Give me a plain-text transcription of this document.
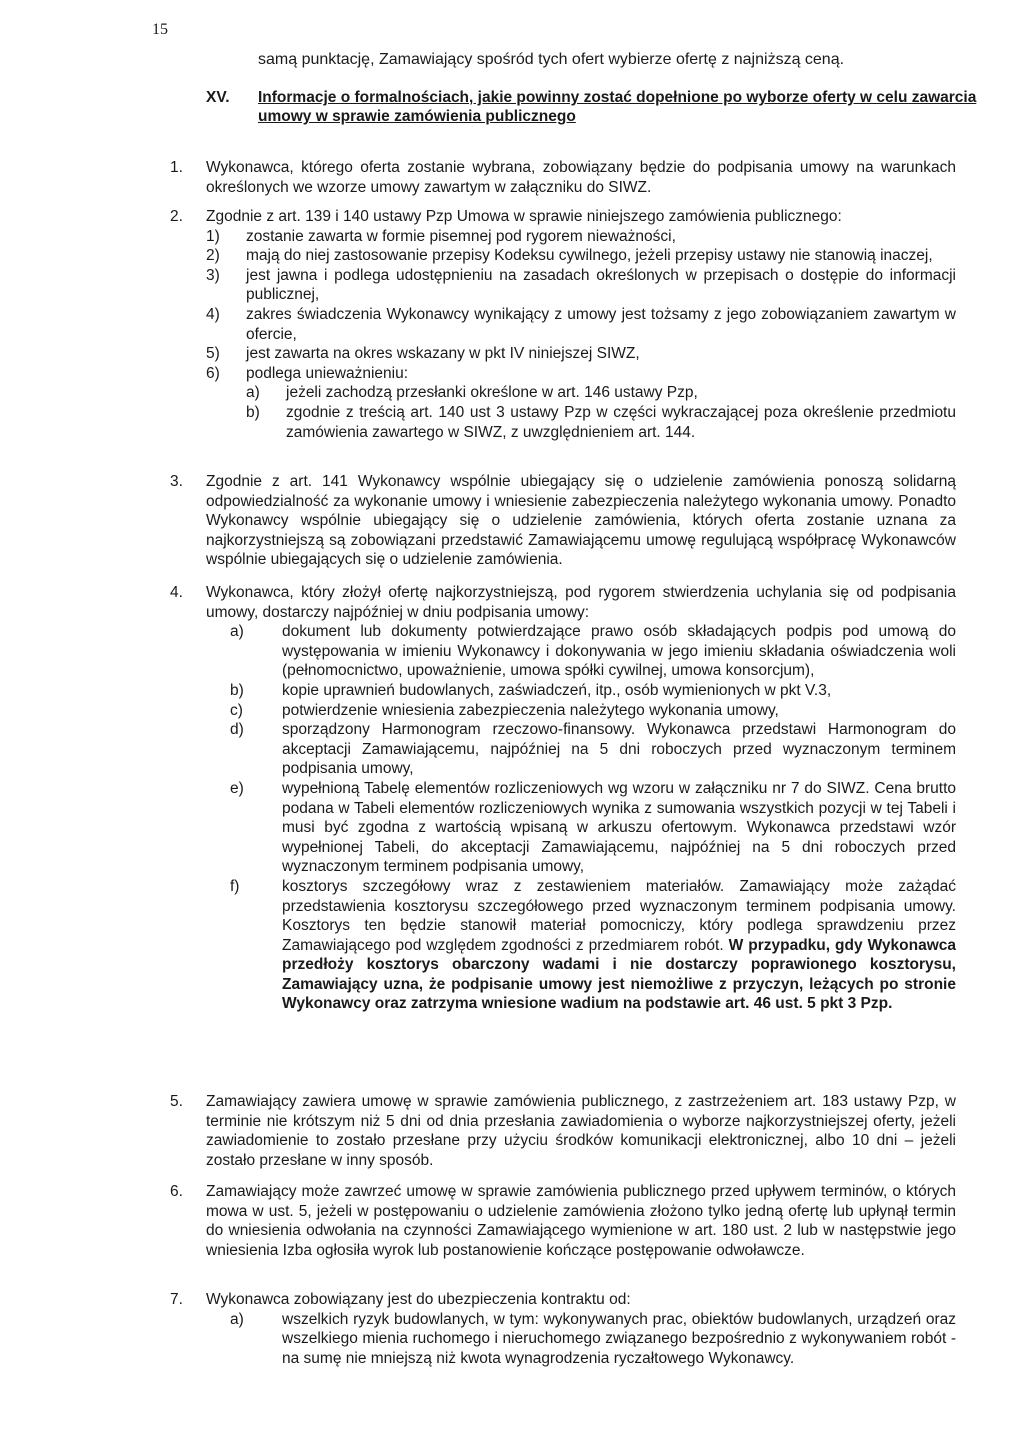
15
samą punktację, Zamawiający spośród tych ofert wybierze ofertę z najniższą ceną.
XV. Informacje o formalnościach, jakie powinny zostać dopełnione po wyborze oferty w celu zawarcia umowy w sprawie zamówienia publicznego
1. Wykonawca, którego oferta zostanie wybrana, zobowiązany będzie do podpisania umowy na warunkach określonych we wzorze umowy zawartym w załączniku do SIWZ.
2. Zgodnie z art. 139 i 140 ustawy Pzp Umowa w sprawie niniejszego zamówienia publicznego:
1) zostanie zawarta w formie pisemnej pod rygorem nieważności,
2) mają do niej zastosowanie przepisy Kodeksu cywilnego, jeżeli przepisy ustawy nie stanowią inaczej,
3) jest jawna i podlega udostępnieniu na zasadach określonych w przepisach o dostępie do informacji publicznej,
4) zakres świadczenia Wykonawcy wynikający z umowy jest tożsamy z jego zobowiązaniem zawartym w ofercie,
5) jest zawarta na okres wskazany w pkt IV niniejszej SIWZ,
6) podlega unieważnieniu:
a) jeżeli zachodzą przesłanki określone w art. 146 ustawy Pzp,
b) zgodnie z treścią art. 140 ust 3 ustawy Pzp w części wykraczającej poza określenie przedmiotu zamówienia zawartego w SIWZ, z uwzględnieniem art. 144.
3. Zgodnie z art. 141 Wykonawcy wspólnie ubiegający się o udzielenie zamówienia ponoszą solidarną odpowiedzialność za wykonanie umowy i wniesienie zabezpieczenia należytego wykonania umowy. Ponadto Wykonawcy wspólnie ubiegający się o udzielenie zamówienia, których oferta zostanie uznana za najkorzystniejszą są zobowiązani przedstawić Zamawiającemu umowę regulującą współpracę Wykonawców wspólnie ubiegających się o udzielenie zamówienia.
4. Wykonawca, który złożył ofertę najkorzystniejszą, pod rygorem stwierdzenia uchylania się od podpisania umowy, dostarczy najpóźniej w dniu podpisania umowy:
a) dokument lub dokumenty potwierdzające prawo osób składających podpis pod umową do występowania w imieniu Wykonawcy i dokonywania w jego imieniu składania oświadczenia woli (pełnomocnictwo, upoważnienie, umowa spółki cywilnej, umowa konsorcjum),
b) kopie uprawnień budowlanych, zaświadczeń, itp., osób wymienionych w pkt V.3,
c)	potwierdzenie wniesienia zabezpieczenia należytego wykonania umowy,
d) sporządzony Harmonogram rzeczowo-finansowy. Wykonawca przedstawi Harmonogram do akceptacji Zamawiającemu, najpóźniej na 5 dni roboczych przed wyznaczonym terminem podpisania umowy,
e) wypełnioną Tabelę elementów rozliczeniowych wg wzoru w załączniku nr 7 do SIWZ. Cena brutto podana w Tabeli elementów rozliczeniowych wynika z sumowania wszystkich pozycji w tej Tabeli i musi być zgodna z wartością wpisaną w arkuszu ofertowym. Wykonawca przedstawi wzór wypełnionej Tabeli, do akceptacji Zamawiającemu, najpóźniej na 5 dni roboczych przed wyznaczonym terminem podpisania umowy,
f)	kosztorys szczegółowy wraz z zestawieniem materiałów. Zamawiający może zażądać przedstawienia kosztorysu szczegółowego przed wyznaczonym terminem podpisania umowy. Kosztorys ten będzie stanowił materiał pomocniczy, który podlega sprawdzeniu przez Zamawiającego pod względem zgodności z przedmiarem robót. W przypadku, gdy Wykonawca przedłoży kosztorys obarczony wadami i nie dostarczy poprawionego kosztorysu, Zamawiający uzna, że podpisanie umowy jest niemożliwe z przyczyn, leżących po stronie Wykonawcy oraz zatrzyma wniesione wadium na podstawie art. 46 ust. 5 pkt 3 Pzp.
5. Zamawiający zawiera umowę w sprawie zamówienia publicznego, z zastrzeżeniem art. 183 ustawy Pzp, w terminie nie krótszym niż 5 dni od dnia przesłania zawiadomienia o wyborze najkorzystniejszej oferty, jeżeli zawiadomienie to zostało przesłane przy użyciu środków komunikacji elektronicznej, albo 10 dni – jeżeli zostało przesłane w inny sposób.
6. Zamawiający może zawrzeć umowę w sprawie zamówienia publicznego przed upływem terminów, o których mowa w ust. 5, jeżeli w postępowaniu o udzielenie zamówienia złożono tylko jedną ofertę lub upłynął termin do wniesienia odwołania na czynności Zamawiającego wymienione w art. 180 ust. 2 lub w następstwie jego wniesienia Izba ogłosiła wyrok lub postanowienie kończące postępowanie odwoławcze.
7. Wykonawca zobowiązany jest do ubezpieczenia kontraktu od:
a) wszelkich ryzyk budowlanych, w tym: wykonywanych prac, obiektów budowlanych, urządzeń oraz wszelkiego mienia ruchomego i nieruchomego związanego bezpośrednio z wykonywaniem robót - na sumę nie mniejszą niż kwota wynagrodzenia ryczałtowego Wykonawcy.
